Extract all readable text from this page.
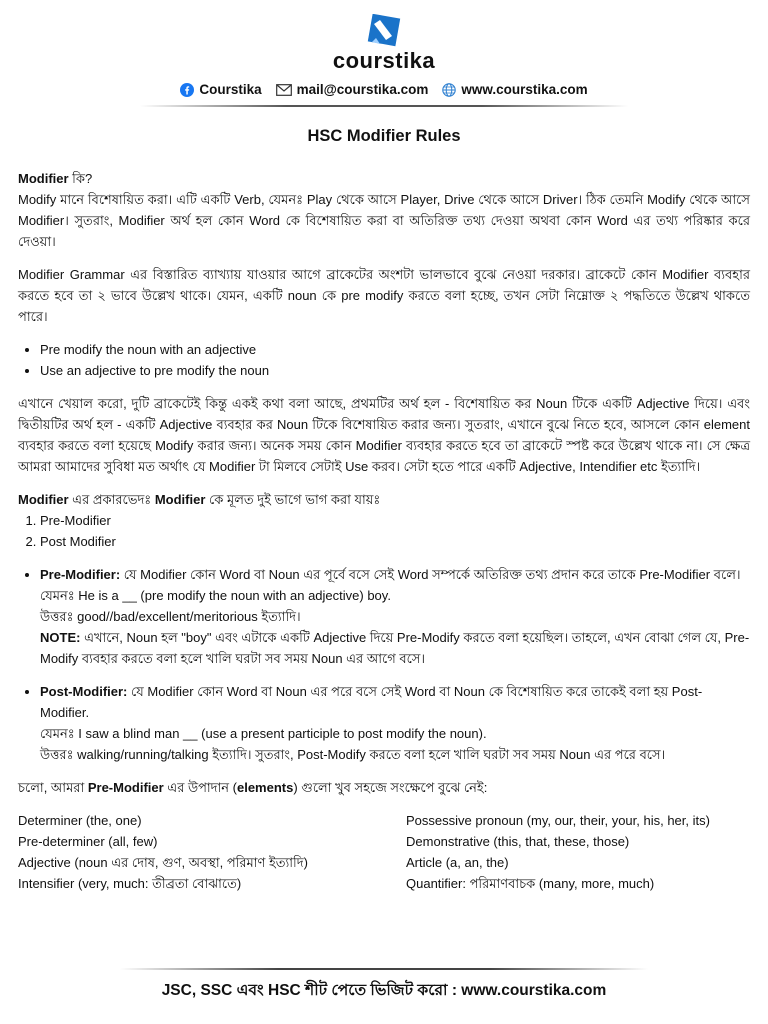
courstika
Courstika	mail@courstika.com www.courstika.com
HSC Modifier Rules

Modifier কি?

Modify মানে বিশেষায়িত করা। এটি একটি Verb, যেমনঃ Play থেকে আসে Player, Drive থেকে আসে Driver। ঠিক তেমনি Modify থেকে আসে Modifier। সুতরাং, Modifier অর্থ হল কোন Word কে বিশেষায়িত করা বা অতিরিক্ত তথ্য দেওয়া অথবা কোন Word এর তথ্য পরিষ্কার করে দেওয়া।

Modifier Grammar এর বিস্তারিত ব্যাখ্যায় যাওয়ার আগে ব্রাকেটের অংশটা ভালভাবে বুঝে নেওয়া দরকার। ব্রাকেটে কোন Modifier ব্যবহার করতে হবে তা ২ ভাবে উল্লেখ থাকে। যেমন, একটি noun কে pre modify করতে বলা হচ্ছে, তখন সেটা নিম্নোক্ত ২ পদ্ধতিতে উল্লেখ থাকতে পারে।

• Pre modify the noun with an adjective
• Use an adjective to pre modify the noun

এখানে খেয়াল করো, দুটি ব্রাকেটেই কিন্তু একই কথা বলা আছে, প্রথমটির অর্থ হল - বিশেষায়িত কর Noun টিকে একটি Adjective দিয়ে। এবং দ্বিতীয়টির অর্থ হল - একটি Adjective ব্যবহার কর Noun টিকে বিশেষায়িত করার জন্য। সুতরাং, এখানে বুঝে নিতে হবে, আসলে কোন element ব্যবহার করতে বলা হয়েছে Modify করার জন্য। অনেক সময় কোন Modifier ব্যবহার করতে হবে তা ব্রাকেটে স্পষ্ট করে উল্লেখ থাকে না। সে ক্ষেত্র আমরা আমাদের সুবিধা মত অর্থাৎ যে Modifier টা মিলবে সেটাই Use করব। সেটা হতে পারে একটি Adjective, Intendifier etc ইত্যাদি।

Modifier এর প্রকারভেদঃ Modifier কে মূলত দুই ভাগে ভাগ করা যায়ঃ

1. Pre-Modifier
2. Post Modifier
• Pre-Modifier: যে Modifier কোন Word বা Noun এর পূর্বে বসে সেই Word সম্পর্কে অতিরিক্ত তথ্য প্রদান করে তাকে Pre-Modifier বলে।
যেমনঃ He is a __ (pre modify the noun with an adjective) boy.
উত্তরঃ good//bad/excellent/meritorious ইত্যাদি।
NOTE: এখানে, Noun হল "boy" এবং এটাকে একটি Adjective দিয়ে Pre-Modify করতে বলা হয়েছিল। তাহলে, এখন বোঝা গেল যে, Pre-Modify ব্যবহার করতে বলা হলে খালি ঘরটা সব সময় Noun এর আগে বসে।
• Post-Modifier: যে Modifier কোন Word বা Noun এর পরে বসে সেই Word বা Noun কে বিশেষায়িত করে তাকেই বলা হয় Post-Modifier.
যেমনঃ I saw a blind man __ (use a present participle to post modify the noun).
উত্তরঃ walking/running/talking ইত্যাদি। সুতরাং, Post-Modify করতে বলা হলে খালি ঘরটা সব সময় Noun এর পরে বসে।

চলো, আমরা Pre-Modifier এর উপাদান (elements) গুলো খুব সহজে সংক্ষেপে বুঝে নেই:

Determiner (the, one)	Possessive pronoun (my, our, their, your, his, her, its)
Pre-determiner (all, few)	Demonstrative (this, that, these, those)
Adjective (noun এর দোষ, গুণ, অবস্থা, পরিমাণ ইত্যাদি)	Article (a, an, the)
Intensifier (very, much: তীব্রতা বোঝাতে)	Quantifier: পরিমাণবাচক (many, more, much)
JSC, SSC এবং HSC শীট পেতে ভিজিট করো : www.courstika.com
